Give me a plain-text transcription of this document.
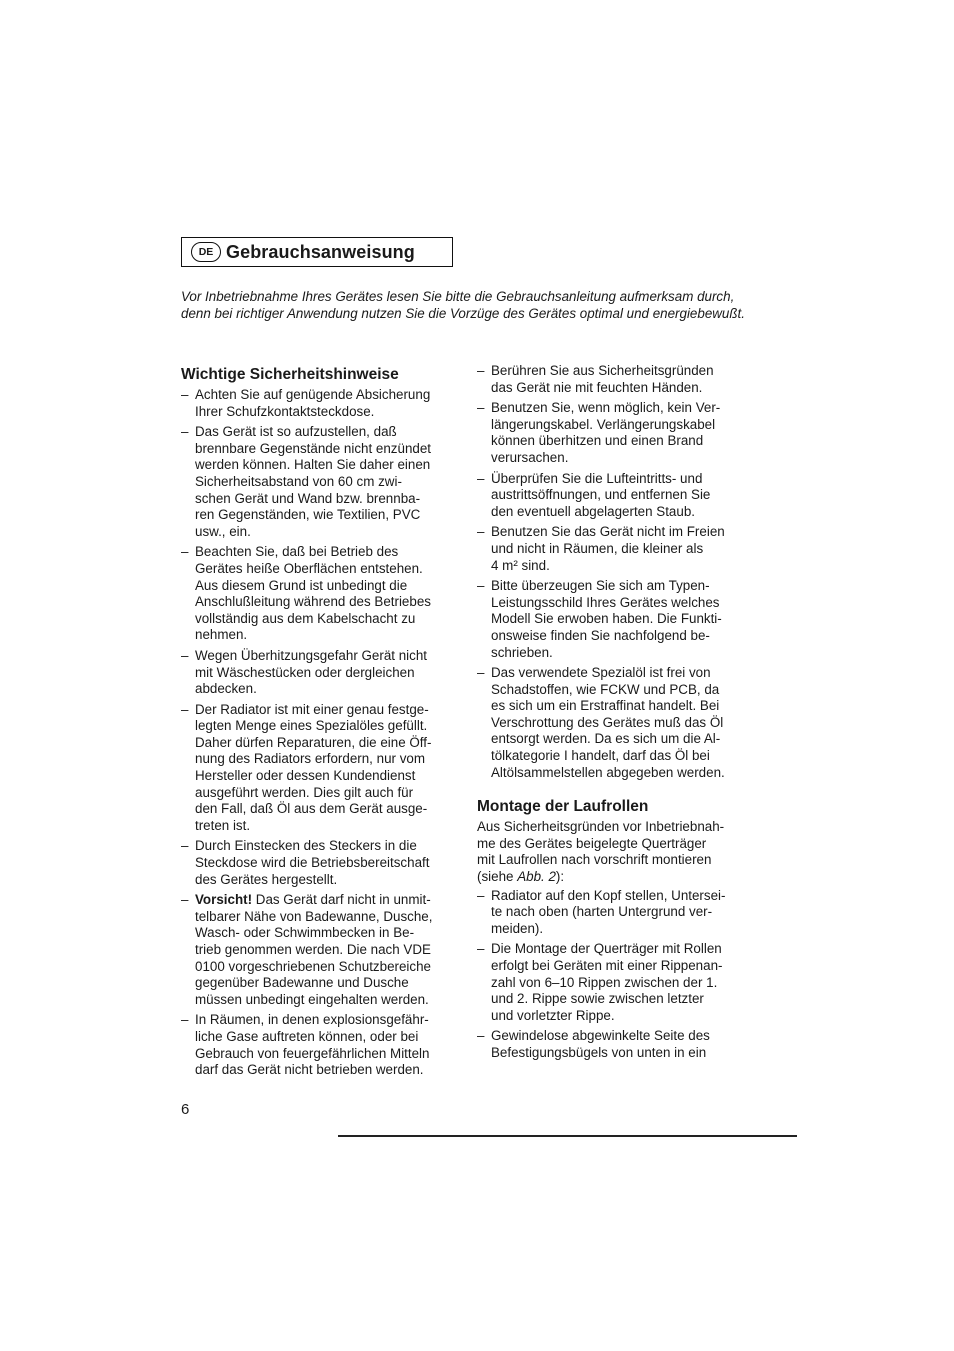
DE Gebrauchsanweisung
Vor Inbetriebnahme Ihres Gerätes lesen Sie bitte die Gebrauchsanleitung aufmerksam durch, denn bei richtiger Anwendung nutzen Sie die Vorzüge des Gerätes optimal und energiebewußt.
Wichtige Sicherheitshinweise
– Achten Sie auf genügende Absicherung
Ihrer Schufzkontaktsteckdose.
– Das Gerät ist so aufzustellen, daß
brennbare Gegenstände nicht enzündet
werden können. Halten Sie daher einen
Sicherheitsabstand von 60 cm zwi-
schen Gerät und Wand bzw. brennba-
ren Gegenständen, wie Textilien, PVC
usw., ein.
– Beachten Sie, daß bei Betrieb des
Gerätes heiße Oberflächen entstehen.
Aus diesem Grund ist unbedingt die
Anschlußleitung während des Betriebes
vollständig aus dem Kabelschacht zu
nehmen.
– Wegen Überhitzungsgefahr Gerät nicht
mit Wäschestücken oder dergleichen
abdecken.
– Der Radiator ist mit einer genau festge-
legten Menge eines Spezialöles gefüllt.
Daher dürfen Reparaturen, die eine Öff-
nung des Radiators erfordern, nur vom
Hersteller oder dessen Kundendienst
ausgeführt werden. Dies gilt auch für
den Fall, daß Öl aus dem Gerät ausge-
treten ist.
– Durch Einstecken des Steckers in die
Steckdose wird die Betriebsbereitschaft
des Gerätes hergestellt.
– Vorsicht! Das Gerät darf nicht in unmit-
telbarer Nähe von Badewanne, Dusche,
Wasch- oder Schwimmbecken in Be-
trieb genommen werden. Die nach VDE
0100 vorgeschriebenen Schutzbereiche
gegenüber Badewanne und Dusche
müssen unbedingt eingehalten werden.
– In Räumen, in denen explosionsgefähr-
liche Gase auftreten können, oder bei
Gebrauch von feuergefährlichen Mitteln
darf das Gerät nicht betrieben werden.
– Berühren Sie aus Sicherheitsgründen
das Gerät nie mit feuchten Händen.
– Benutzen Sie, wenn möglich, kein Ver-
längerungskabel. Verlängerungskabel
können überhitzen und einen Brand
verursachen.
– Überprüfen Sie die Lufteintritts- und
austrittsöffnungen, und entfernen Sie
den eventuell abgelagerten Staub.
– Benutzen Sie das Gerät nicht im Freien
und nicht in Räumen, die kleiner als
4 m² sind.
– Bitte überzeugen Sie sich am Typen-
Leistungsschild Ihres Gerätes welches
Modell Sie erwoben haben. Die Funkti-
onsweise finden Sie nachfolgend be-
schrieben.
– Das verwendete Spezialöl ist frei von
Schadstoffen, wie FCKW und PCB, da
es sich um ein Erstraffinat handelt. Bei
Verschrottung des Gerätes muß das Öl
entsorgt werden. Da es sich um die Al-
tölkategorie I handelt, darf das Öl bei
Altölsammelstellen abgegeben werden.
Montage der Laufrollen
Aus Sicherheitsgründen vor Inbetriebnah-
me des Gerätes beigelegte Querträger
mit Laufrollen nach vorschrift montieren
(siehe Abb. 2):
– Radiator auf den Kopf stellen, Untersei-
te nach oben (harten Untergrund ver-
meiden).
– Die Montage der Querträger mit Rollen
erfolgt bei Geräten mit einer Rippenan-
zahl von 6–10 Rippen zwischen der 1.
und 2. Rippe sowie zwischen letzter
und vorletzter Rippe.
– Gewindelose abgewinkelte Seite des
Befestigungsbügels von unten in ein
6
